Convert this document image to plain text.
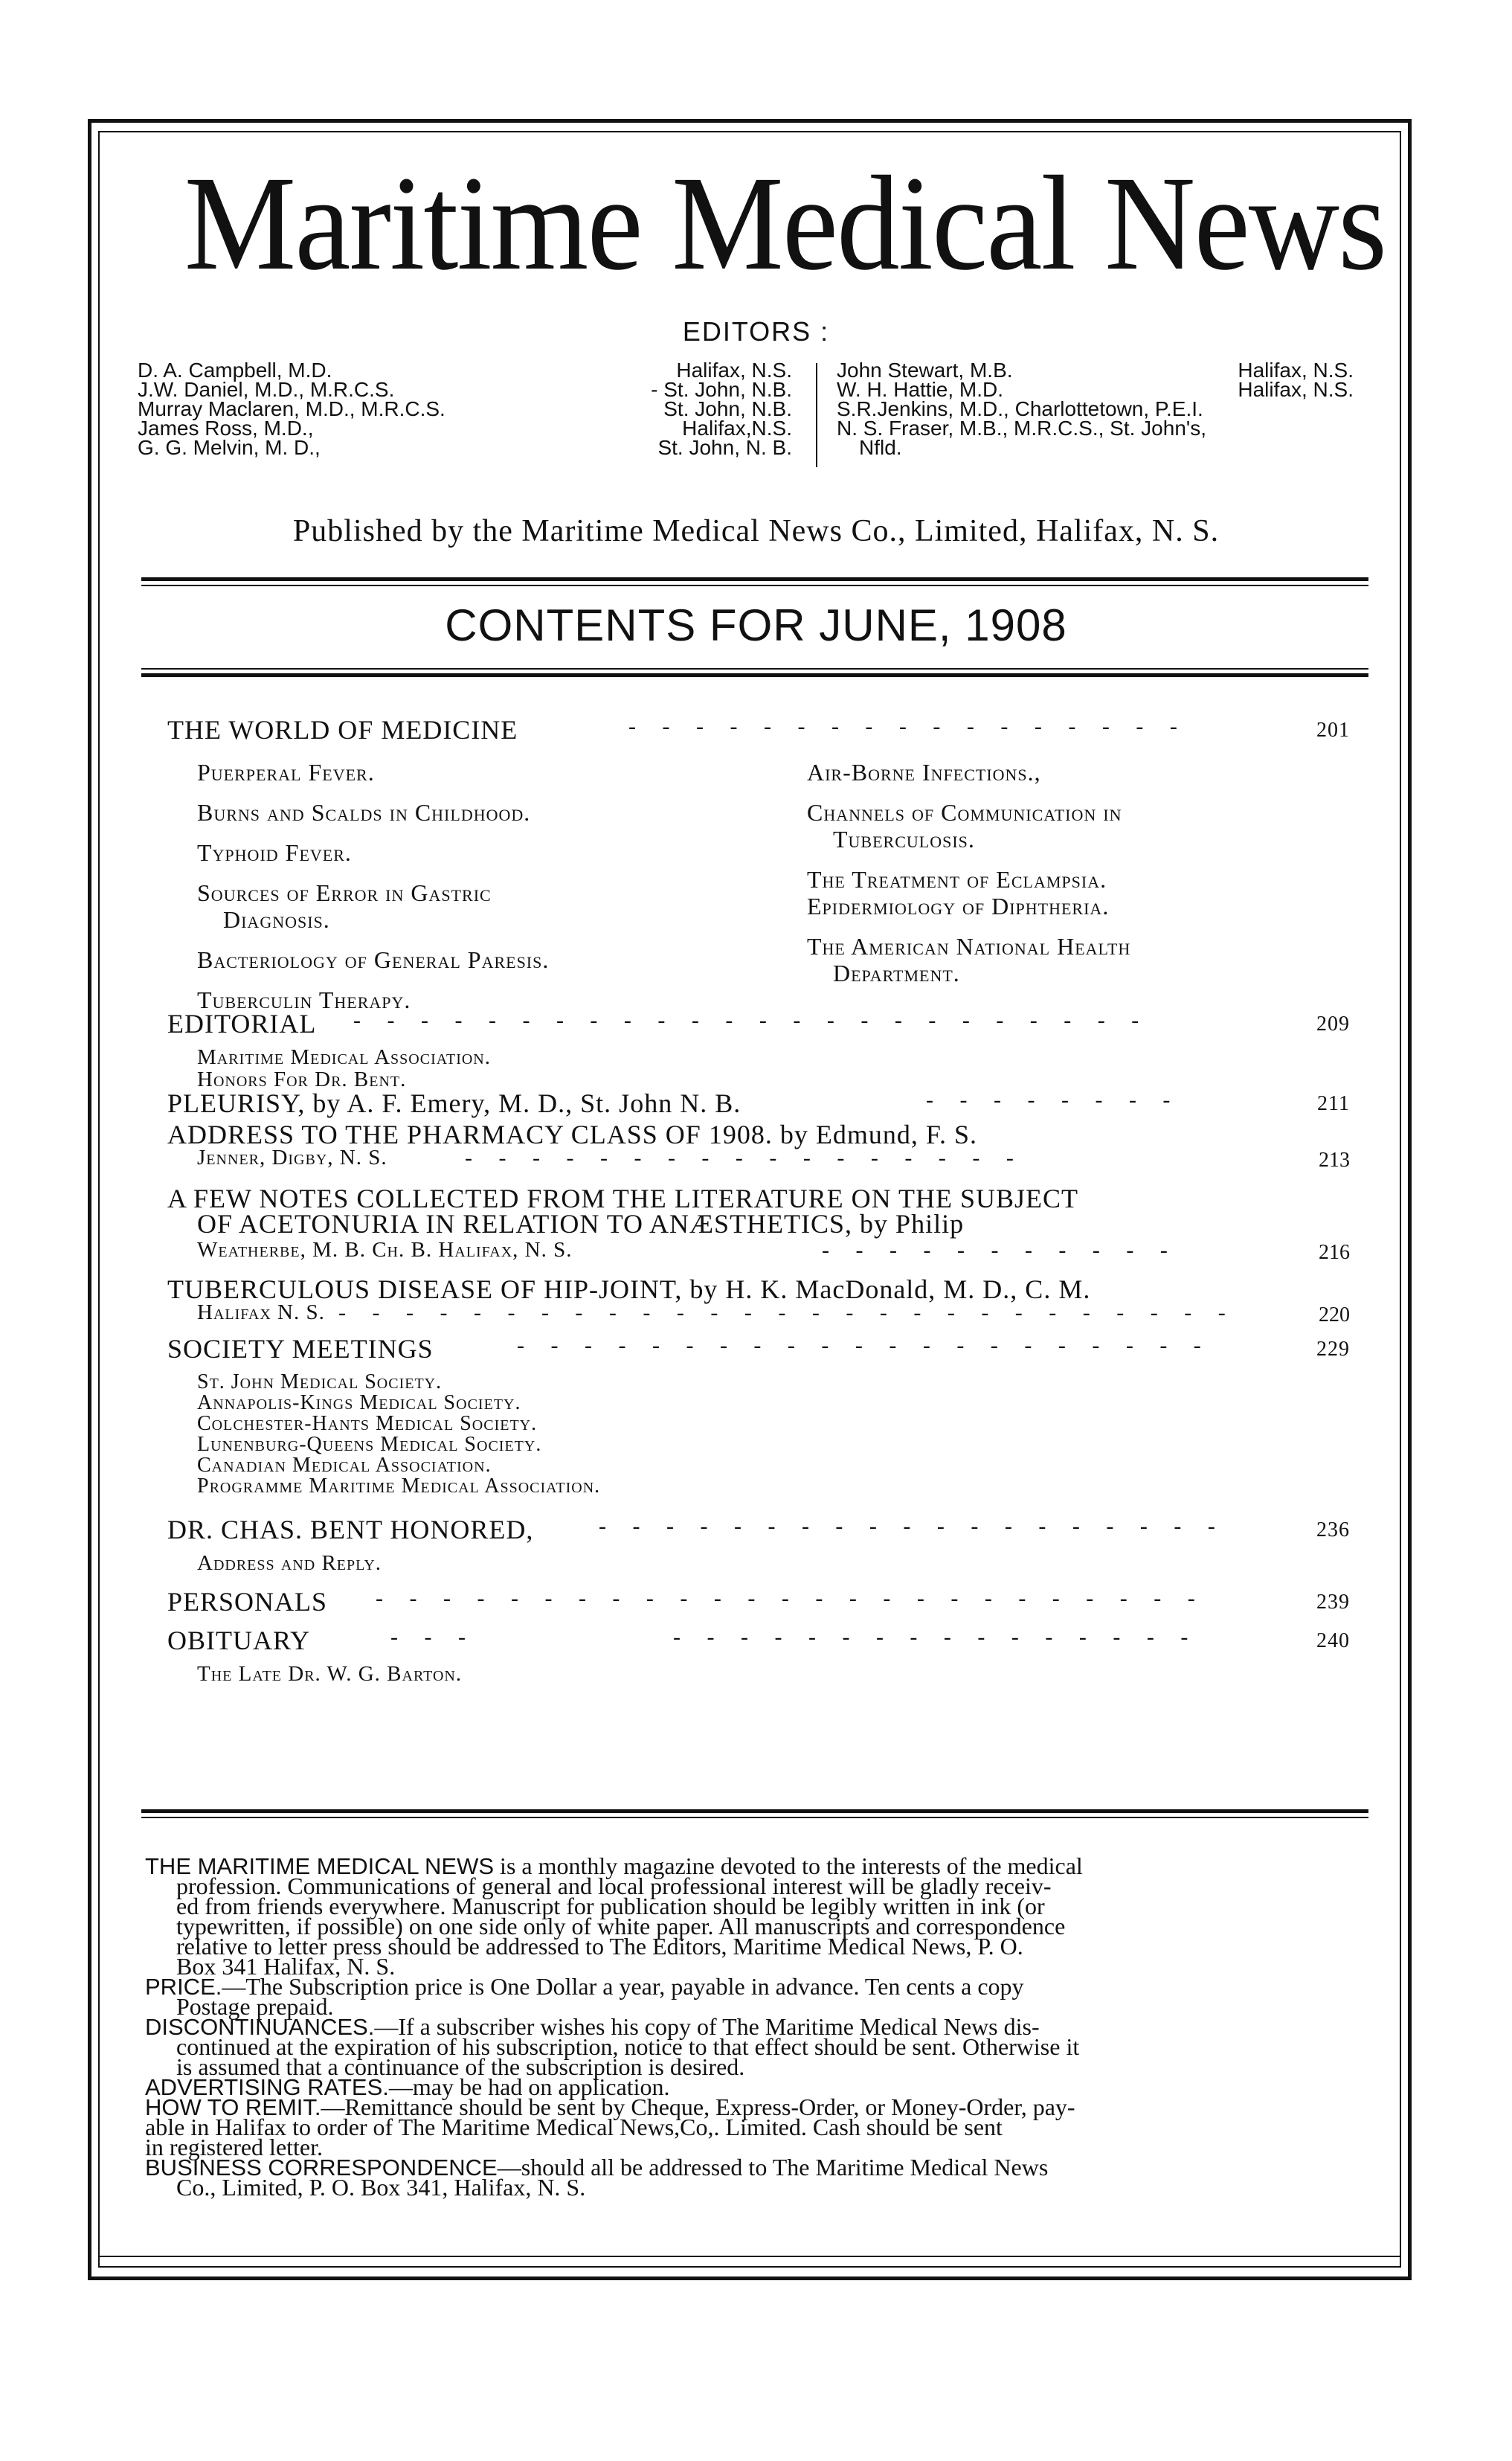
Maritime Medical News
EDITORS :
D. A. Campbell, M.D.	Halifax, N.S.
J.W. Daniel, M.D., M.R.C.S.	- St. John, N.B.
Murray Maclaren, M.D., M.R.C.S.	St. John, N.B.
James Ross, M.D.,	Halifax,N.S.
G. G. Melvin, M. D.,	St. John, N. B.
John Stewart, M.B.	Halifax, N.S.
W. H. Hattie, M.D.	Halifax, N.S.
S.R.Jenkins, M.D., Charlottetown, P.E.I.
N. S. Fraser, M.B., M.R.C.S., St. John's,
Nfld.
Published by the Maritime Medical News Co., Limited, Halifax, N. S.
CONTENTS FOR JUNE, 1908
THE WORLD OF MEDICINE	- - - - - - - - - - - - - - - - -	201
Puerperal Fever.
Burns and Scalds in Childhood.
Typhoid Fever.
Sources of Error in Gastric
Diagnosis.
Bacteriology of General Paresis.
Tuberculin Therapy.
Air-Borne Infections.,
Channels of Communication in
Tuberculosis.
The Treatment of Eclampsia.
Epidermiology of Diphtheria.
The American National Health
Department.
EDITORIAL - - - - - - - - - - - - - - - - - - - - - - - -	209
Maritime Medical Association.
Honors For Dr. Bent.
PLEURISY, by A. F. Emery, M. D., St. John N. B.	- - - - - - - -	211
ADDRESS TO THE PHARMACY CLASS OF 1908. by Edmund, F. S.
Jenner, Digby, N. S.	- - - - - - - - - - - - - - - - -	213
A FEW NOTES COLLECTED FROM THE LITERATURE ON THE SUBJECT
OF ACETONURIA IN RELATION TO ANÆSTHETICS, by Philip
Weatherbe, M. B. Ch. B. Halifax, N. S.	- - - - - - - - - - -	216
TUBERCULOUS DISEASE OF HIP-JOINT, by H. K. MacDonald, M. D., C. M.
Halifax N. S. - - - - - - - - - - - - - - - - - - - - - - - - - - -	220
SOCIETY MEETINGS	- - - - - - - - - - - - - - - - - - - - -	229
St. John Medical Society.
Annapolis-Kings Medical Society.
Colchester-Hants Medical Society.
Lunenburg-Queens Medical Society.
Canadian Medical Association.
Programme Maritime Medical Association.
DR. CHAS. BENT HONORED,	- - - - - - - - - - - - - - - - - - -	236
Address and Reply.
PERSONALS - - - - - - - - - - - - - - - - - - - - - - - - -	239
OBITUARY	- - -	- - - - - - - - - - - - - - - -	240
The Late Dr. W. G. Barton.

THE MARITIME MEDICAL NEWS is a monthly magazine devoted to the interests of the medical

profession. Communications of general and local professional interest will be gladly receiv-

ed from friends everywhere. Manuscript for publication should be legibly written in ink (or

typewritten, if possible) on one side only of white paper. All manuscripts and correspondence

relative to letter press should be addressed to The Editors, Maritime Medical News, P. O.

Box 341 Halifax, N. S.

PRICE.—The Subscription price is One Dollar a year, payable in advance. Ten cents a copy

Postage prepaid.

DISCONTINUANCES.—If a subscriber wishes his copy of The Maritime Medical News dis-

continued at the expiration of his subscription, notice to that effect should be sent. Otherwise it

is assumed that a continuance of the subscription is desired.

ADVERTISING RATES.—may be had on application.

HOW TO REMIT.—Remittance should be sent by Cheque, Express-Order, or Money-Order, pay-

able in Halifax to order of The Maritime Medical News,Co,. Limited. Cash should be sent

in registered letter.

BUSINESS CORRESPONDENCE—should all be addressed to The Maritime Medical News

Co., Limited, P. O. Box 341, Halifax, N. S.
